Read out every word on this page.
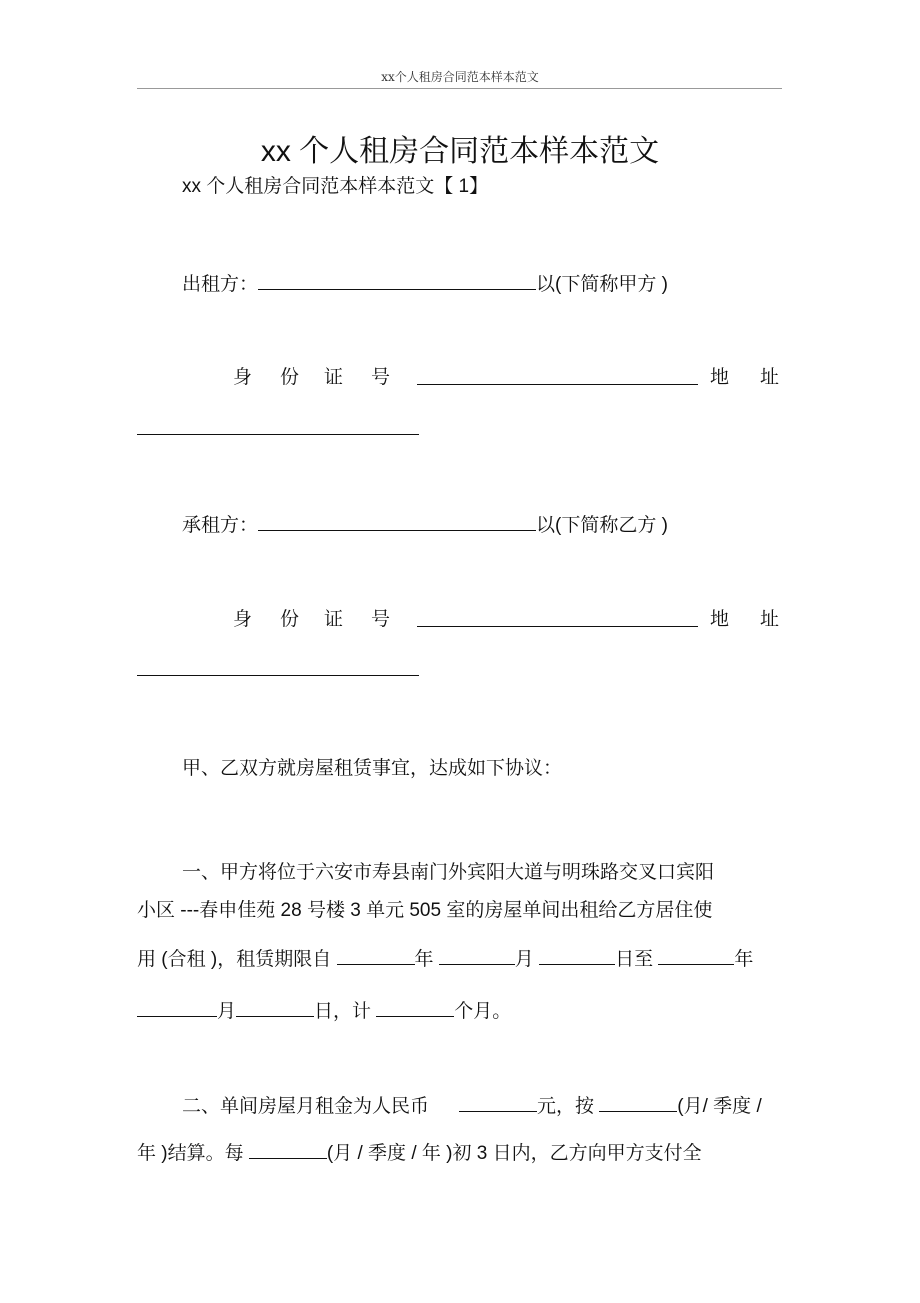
xx个人租房合同范本样本范文
xx 个人租房合同范本样本范文
xx 个人租房合同范本样本范文【 1】
出租方：	以(下简称甲方 )
身 份 证 号	地 址
承租方：	以(下简称乙方 )
身 份 证 号	地 址
甲、乙双方就房屋租赁事宜，达成如下协议：
一、甲方将位于六安市寿县南门外宾阳大道与明珠路交叉口宾阳
小区 ---春申佳苑 28 号楼 3 单元 505 室的房屋单间出租给乙方居住使
用 (合租 )，租赁期限自	年	月	日至	年
月	日，计	个月。
二、单间房屋月租金为人民币	元，按	(月/ 季度 /
年 )结算。每	(月 / 季度 / 年 )初 3 日内，乙方向甲方支付全
